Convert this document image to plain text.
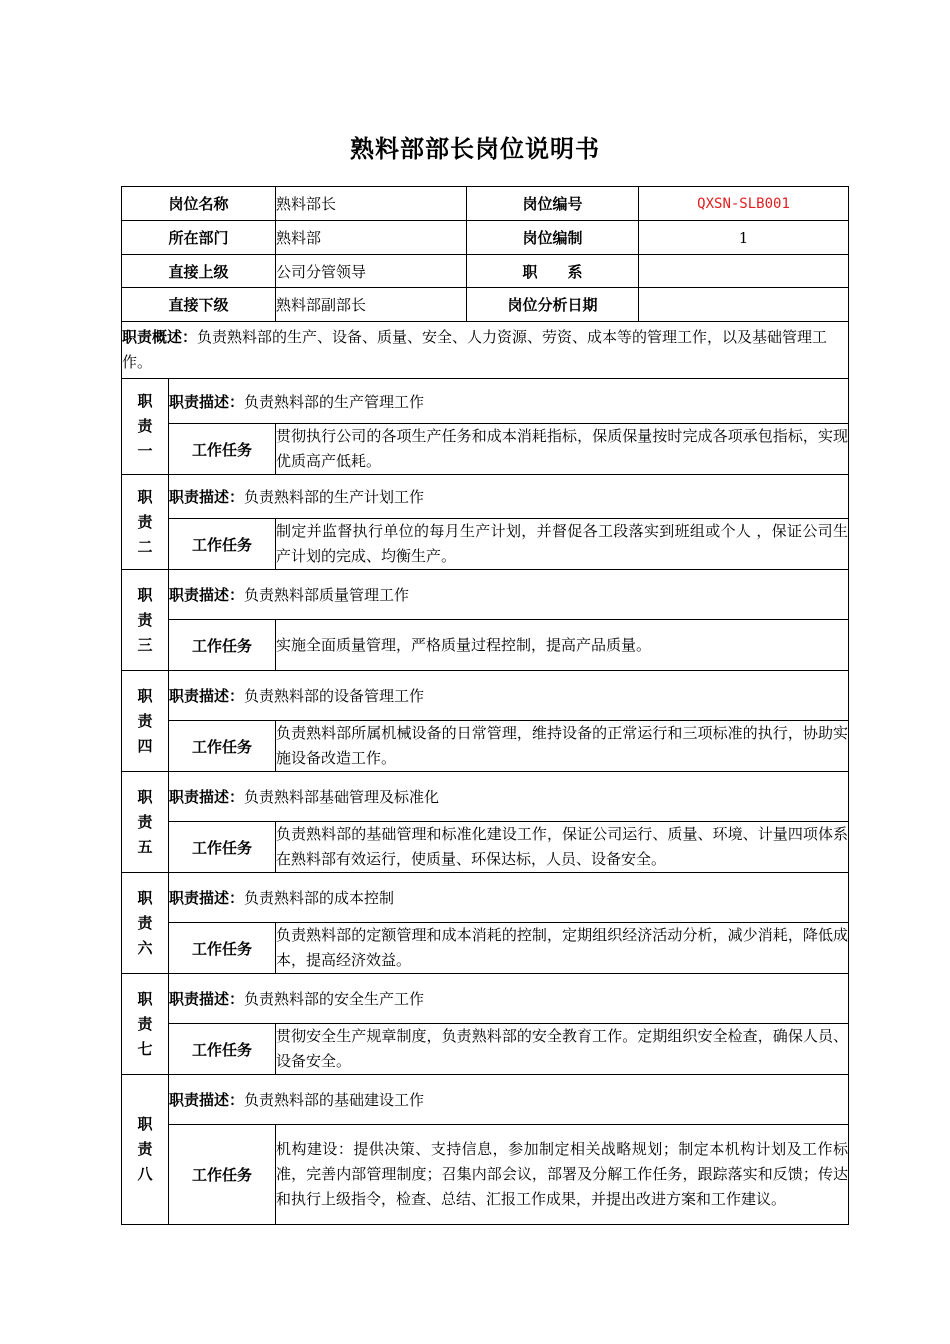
熟料部部长岗位说明书
岗位名称		熟料部长	岗位编号	QXSN-SLB001
所在部门		熟料部	岗位编制	1
直接上级		公司分管领导	职　　系	
直接下级		熟料部副部长	岗位分析日期	
职责概述：负责熟料部的生产、设备、质量、安全、人力资源、劳资、成本等的管理工作，以及基础管理工作。				

职
责
一	职责描述：负责熟料部的生产管理工作			
	工作任务	贯彻执行公司的各项生产任务和成本消耗指标，保质保量按时完成各项承包指标，实现优质高产低耗。		

职
责
二	职责描述：负责熟料部的生产计划工作			
	工作任务	制定并监督执行单位的每月生产计划，并督促各工段落实到班组或个人 ，保证公司生产计划的完成、均衡生产。		

职
责
三	职责描述：负责熟料部质量管理工作			
	工作任务	实施全面质量管理，严格质量过程控制，提高产品质量。		

职
责
四	职责描述：负责熟料部的设备管理工作			
	工作任务	负责熟料部所属机械设备的日常管理，维持设备的正常运行和三项标准的执行，协助实施设备改造工作。		

职
责
五	职责描述：负责熟料部基础管理及标准化			
	工作任务	负责熟料部的基础管理和标准化建设工作，保证公司运行、质量、环境、计量四项体系在熟料部有效运行，使质量、环保达标，人员、设备安全。		

职
责
六	职责描述：负责熟料部的成本控制			
	工作任务	负责熟料部的定额管理和成本消耗的控制，定期组织经济活动分析，减少消耗，降低成本，提高经济效益。		

职
责
七	职责描述：负责熟料部的安全生产工作			
	工作任务	贯彻安全生产规章制度，负责熟料部的安全教育工作。定期组织安全检查，确保人员、设备安全。		

职
责
八	职责描述：负责熟料部的基础建设工作			
	工作任务	机构建设：提供决策、支持信息，参加制定相关战略规划；制定本机构计划及工作标准，完善内部管理制度；召集内部会议，部署及分解工作任务，跟踪落实和反馈；传达和执行上级指令，检查、总结、汇报工作成果，并提出改进方案和工作建议。		
